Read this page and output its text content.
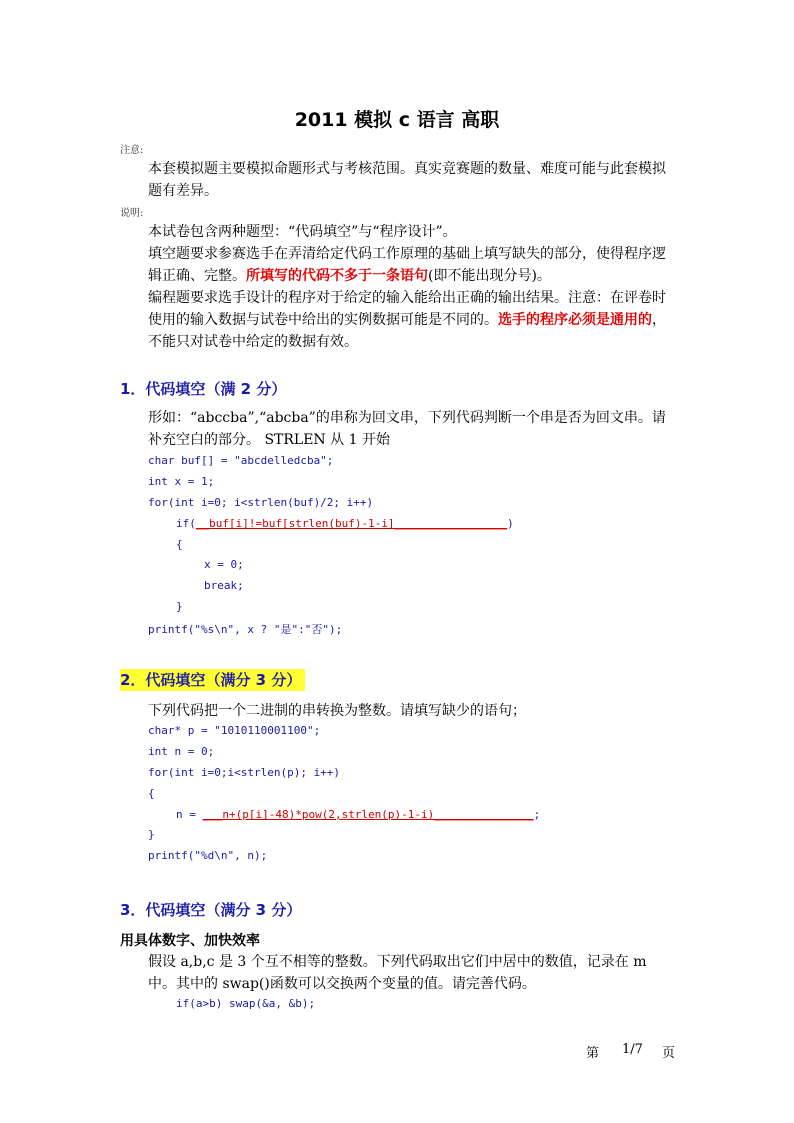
2011 模拟 c 语言 高职
注意:
本套模拟题主要模拟命题形式与考核范围。真实竞赛题的数量、难度可能与此套模拟题有差异。
说明:
本试卷包含两种题型：“代码填空”与“程序设计”。
填空题要求参赛选手在弄清给定代码工作原理的基础上填写缺失的部分，使得程序逻辑正确、完整。所填写的代码不多于一条语句(即不能出现分号)。
编程题要求选手设计的程序对于给定的输入能给出正确的输出结果。注意：在评卷时使用的输入数据与试卷中给出的实例数据可能是不同的。选手的程序必须是通用的，不能只对试卷中给定的数据有效。
1．代码填空（满 2 分）
形如：“abccba”,“abcba”的串称为回文串，下列代码判断一个串是否为回文串。请补充空白的部分。 STRLEN 从 1 开始
char buf[] = "abcdelledcba";
int x = 1;
for(int i=0; i<strlen(buf)/2; i++)
if(__buf[i]!=buf[strlen(buf)-1-i]_________________)
{
x = 0;
break;
}
printf("%s\n", x ? "是":"否");
2．代码填空（满分 3 分）
下列代码把一个二进制的串转换为整数。请填写缺少的语句；
char* p = "1010110001100";
int n = 0;
for(int i=0;i<strlen(p); i++)
{
n = ___n+(p[i]-48)*pow(2,strlen(p)-1-i)_______________;
}
printf("%d\n", n);
3．代码填空（满分 3 分）
用具体数字、加快效率
假设 a,b,c 是 3 个互不相等的整数。下列代码取出它们中居中的数值，记录在 m 中。其中的 swap()函数可以交换两个变量的值。请完善代码。
if(a>b) swap(&a, &b);
第 1/7 页
